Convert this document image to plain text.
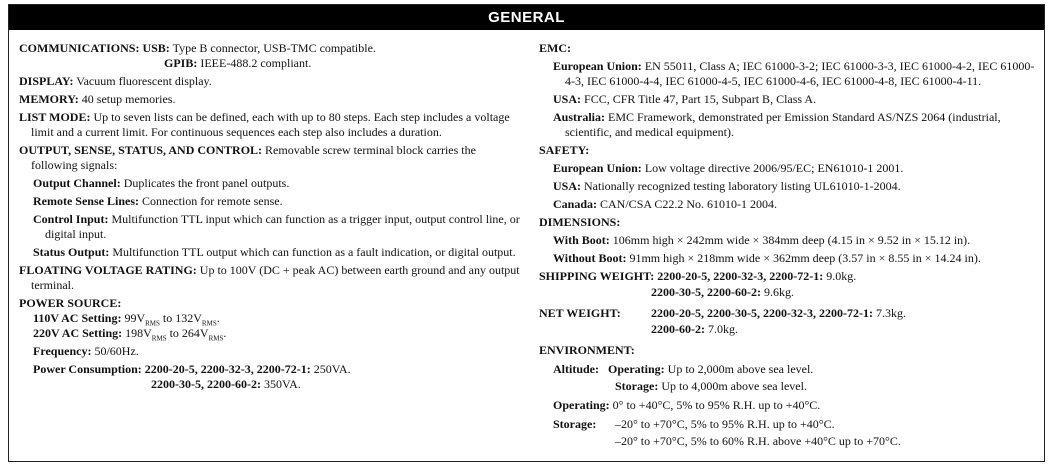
GENERAL
COMMUNICATIONS: USB: Type B connector, USB-TMC compatible.
GPIB: IEEE-488.2 compliant.
DISPLAY: Vacuum fluorescent display.
MEMORY: 40 setup memories.
LIST MODE: Up to seven lists can be defined, each with up to 80 steps. Each step includes a voltage limit and a current limit. For continuous sequences each step also includes a duration.
OUTPUT, SENSE, STATUS, AND CONTROL: Removable screw terminal block carries the following signals:
Output Channel: Duplicates the front panel outputs.
Remote Sense Lines: Connection for remote sense.
Control Input: Multifunction TTL input which can function as a trigger input, output control line, or digital input.
Status Output: Multifunction TTL output which can function as a fault indication, or digital output.
FLOATING VOLTAGE RATING: Up to 100V (DC + peak AC) between earth ground and any output terminal.
POWER SOURCE:
110V AC Setting: $99V_{RMS}$ to $132V_{RMS}$.
220V AC Setting: $198V_{RMS}$ to $264V_{RMS}$.
Frequency: 50/60Hz.
Power Consumption: 2200-20-5, 2200-32-3, 2200-72-1: 250VA.
2200-30-5, 2200-60-2: 350VA.
EMC:
European Union: EN 55011, Class A; IEC 61000-3-2; IEC 61000-3-3, IEC 61000-4-2, IEC 61000-4-3, IEC 61000-4-4, IEC 61000-4-5, IEC 61000-4-6, IEC 61000-4-8, IEC 61000-4-11.
USA: FCC, CFR Title 47, Part 15, Subpart B, Class A.
Australia: EMC Framework, demonstrated per Emission Standard AS/NZS 2064 (industrial, scientific, and medical equipment).
SAFETY:
European Union: Low voltage directive 2006/95/EC; EN61010-1 2001.
USA: Nationally recognized testing laboratory listing UL61010-1-2004.
Canada: CAN/CSA C22.2 No. 61010-1 2004.
DIMENSIONS:
With Boot: 106mm high × 242mm wide × 384mm deep (4.15 in × 9.52 in × 15.12 in).
Without Boot: 91mm high × 218mm wide × 362mm deep (3.57 in × 8.55 in × 14.24 in).
SHIPPING WEIGHT: 2200-20-5, 2200-32-3, 2200-72-1: 9.0kg.
2200-30-5, 2200-60-2: 9.6kg.
NET WEIGHT:	2200-20-5, 2200-30-5, 2200-32-3, 2200-72-1: 7.3kg.
2200-60-2: 7.0kg.
ENVIRONMENT:
Altitude: Operating: Up to 2,000m above sea level.
Storage: Up to 4,000m above sea level.
Operating: 0° to +40°C, 5% to 95% R.H. up to +40°C.
Storage: –20° to +70°C, 5% to 95% R.H. up to +40°C.
–20° to +70°C, 5% to 60% R.H. above +40°C up to +70°C.
